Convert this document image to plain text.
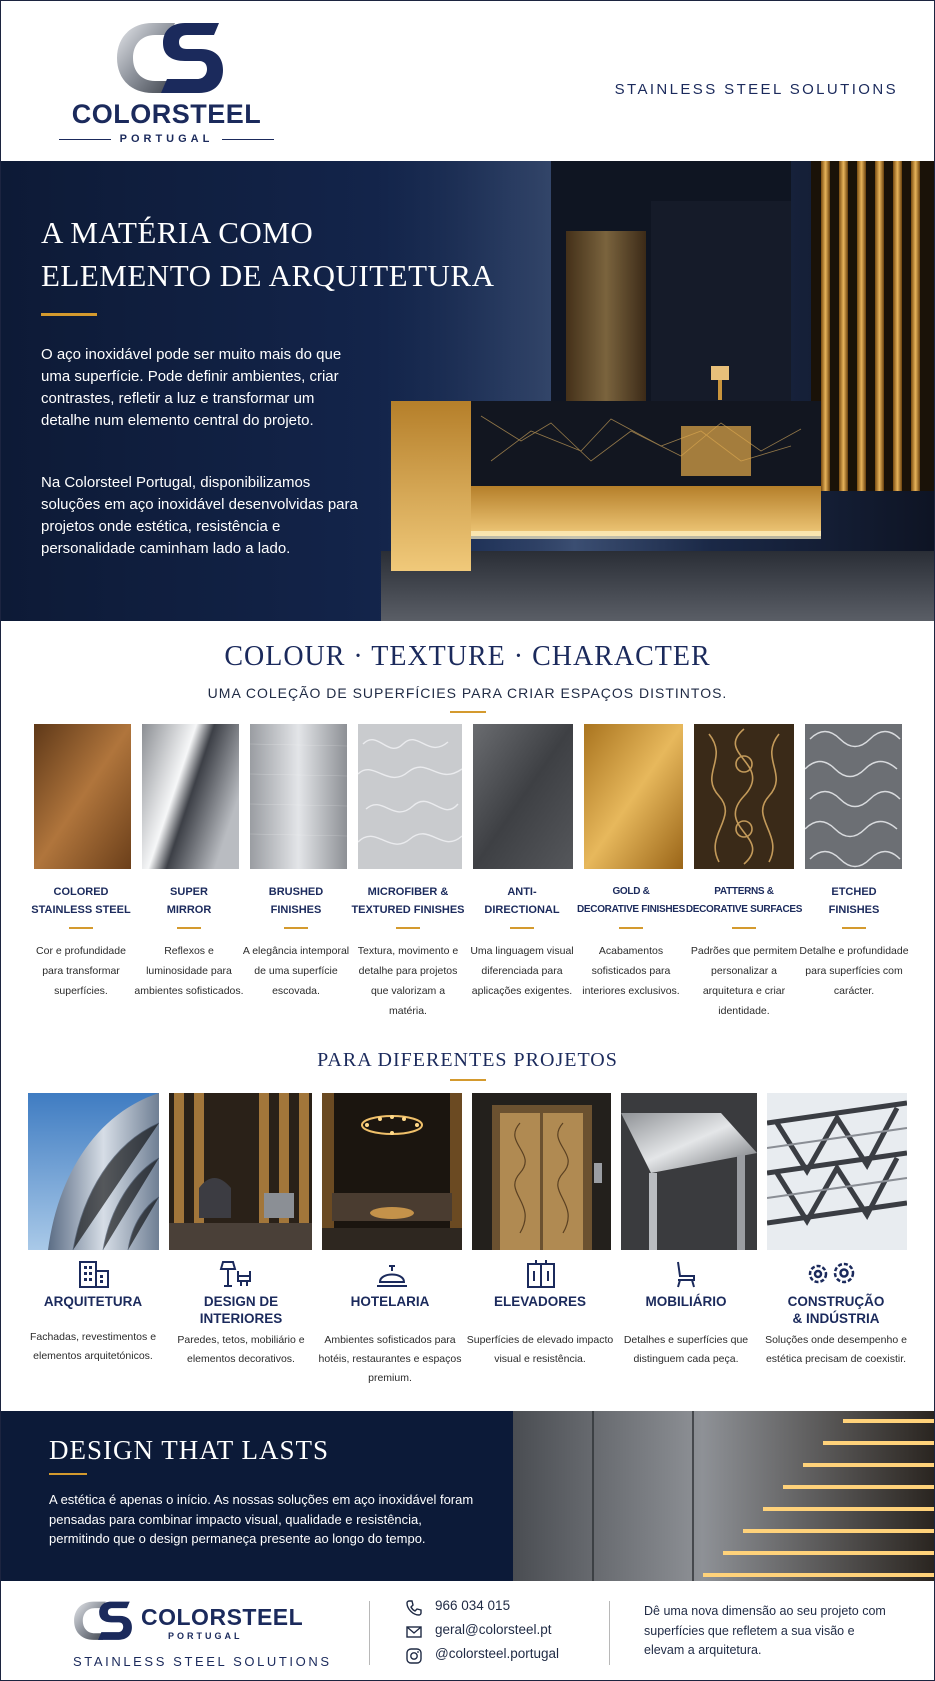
COLORSTEEL
PORTUGAL
STAINLESS STEEL SOLUTIONS
A MATÉRIA COMO
ELEMENTO DE ARQUITETURA

O aço inoxidável pode ser muito mais do que uma superfície. Pode definir ambientes, criar contrastes, refletir a luz e transformar um detalhe num elemento central do projeto.

Na Colorsteel Portugal, disponibilizamos soluções em aço inoxidável desenvolvidas para projetos onde estética, resistência e personalidade caminham lado a lado.

COLOUR · TEXTURE · CHARACTER
UMA COLEÇÃO DE SUPERFÍCIES PARA CRIAR ESPAÇOS DISTINTOS.
COLORED
STAINLESS STEEL
SUPER
MIRROR
BRUSHED
FINISHES
MICROFIBER &
TEXTURED FINISHES
ANTI-
DIRECTIONAL
GOLD &
DECORATIVE FINISHES
PATTERNS &
DECORATIVE SURFACES
ETCHED
FINISHES
Cor e profundidade para transformar superfícies.
Reflexos e luminosidade para ambientes sofisticados.
A elegância intemporal de uma superfície escovada.
Textura, movimento e detalhe para projetos que valorizam a matéria.
Uma linguagem visual diferenciada para aplicações exigentes.
Acabamentos sofisticados para interiores exclusivos.
Padrões que permitem personalizar a arquitetura e criar identidade.
Detalhe e profundidade para superfícies com carácter.
PARA DIFERENTES PROJETOS
ARQUITETURA	DESIGN DE
INTERIORES
HOTELARIA	ELEVADORES	MOBILIÁRIO	CONSTRUÇÃO
& INDÚSTRIA
Fachadas, revestimentos e elementos arquitetónicos.
Paredes, tetos, mobiliário e elementos decorativos.
Ambientes sofisticados para hotéis, restaurantes e espaços premium.
Superfícies de elevado impacto visual e resistência.
Detalhes e superfícies que distinguem cada peça.
Soluções onde desempenho e estética precisam de coexistir.
DESIGN THAT LASTS

A estética é apenas o início. As nossas soluções em aço inoxidável foram pensadas para combinar impacto visual, qualidade e resistência, permitindo que o design permaneça presente ao longo do tempo.

COLORSTEEL
PORTUGAL
STAINLESS STEEL SOLUTIONS
966 034 015
geral@colorsteel.pt
@colorsteel.portugal

Dê uma nova dimensão ao seu projeto com superfícies que refletem a sua visão e elevam a arquitetura.
